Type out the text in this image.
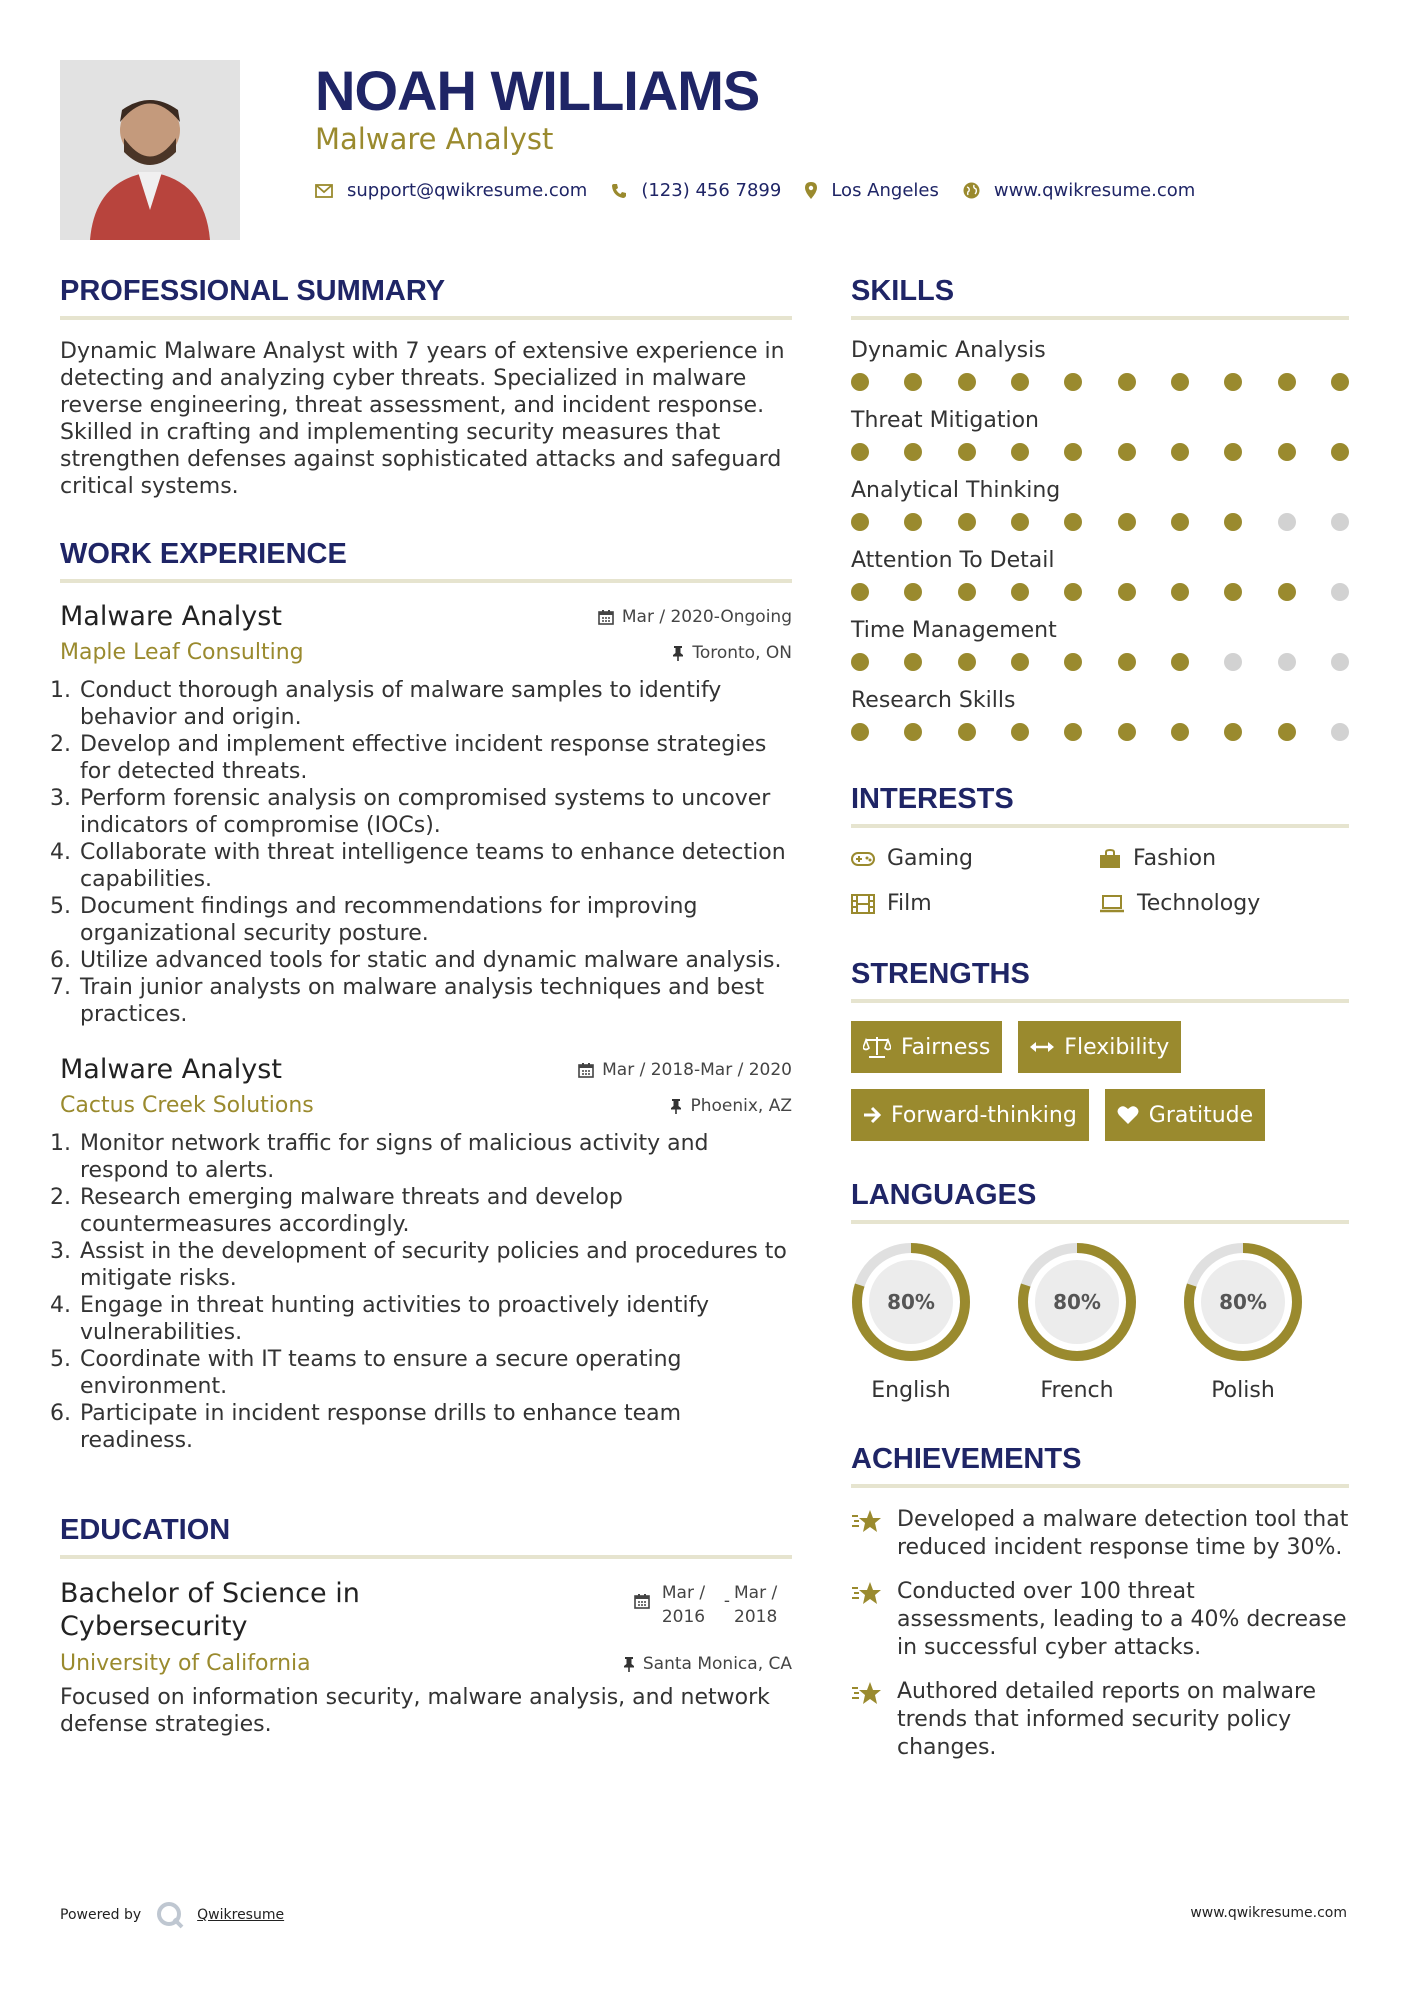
NOAH WILLIAMS
Malware Analyst
support@qwikresume.com	(123) 456 7899	Los Angeles	www.qwikresume.com
PROFESSIONAL SUMMARY

Dynamic Malware Analyst with 7 years of extensive experience in detecting and analyzing cyber threats. Specialized in malware reverse engineering, threat assessment, and incident response. Skilled in crafting and implementing security measures that strengthen defenses against sophisticated attacks and safeguard critical systems.

WORK EXPERIENCE
Malware Analyst	Mar / 2020-Ongoing
Maple Leaf Consulting	Toronto, ON
1. Conduct thorough analysis of malware samples to identify behavior and origin.
2. Develop and implement effective incident response strategies for detected threats.
3. Perform forensic analysis on compromised systems to uncover indicators of compromise (IOCs).
4. Collaborate with threat intelligence teams to enhance detection capabilities.
5. Document findings and recommendations for improving organizational security posture.
6. Utilize advanced tools for static and dynamic malware analysis.
7. Train junior analysts on malware analysis techniques and best practices.
Malware Analyst	Mar / 2018-Mar / 2020
Cactus Creek Solutions	Phoenix, AZ
1. Monitor network traffic for signs of malicious activity and respond to alerts.
2. Research emerging malware threats and develop countermeasures accordingly.
3. Assist in the development of security policies and procedures to mitigate risks.
4. Engage in threat hunting activities to proactively identify vulnerabilities.
5. Coordinate with IT teams to ensure a secure operating environment.
6. Participate in incident response drills to enhance team readiness.
EDUCATION
Bachelor of Science in Cybersecurity
Mar / 2016
- Mar / 2018
University of California	Santa Monica, CA

Focused on information security, malware analysis, and network defense strategies.

SKILLS
Dynamic Analysis
Threat Mitigation
Analytical Thinking
Attention To Detail
Time Management
Research Skills
INTERESTS
Gaming	Fashion
Film	Technology
STRENGTHS
Fairness	Flexibility
Forward-thinking	Gratitude
LANGUAGES
80%
English
80%
French
80%
Polish
ACHIEVEMENTS
Developed a malware detection tool that reduced incident response time by 30%.
Conducted over 100 threat assessments, leading to a 40% decrease in successful cyber attacks.
Authored detailed reports on malware trends that informed security policy changes.
Powered by	Qwikresume	www.qwikresume.com
